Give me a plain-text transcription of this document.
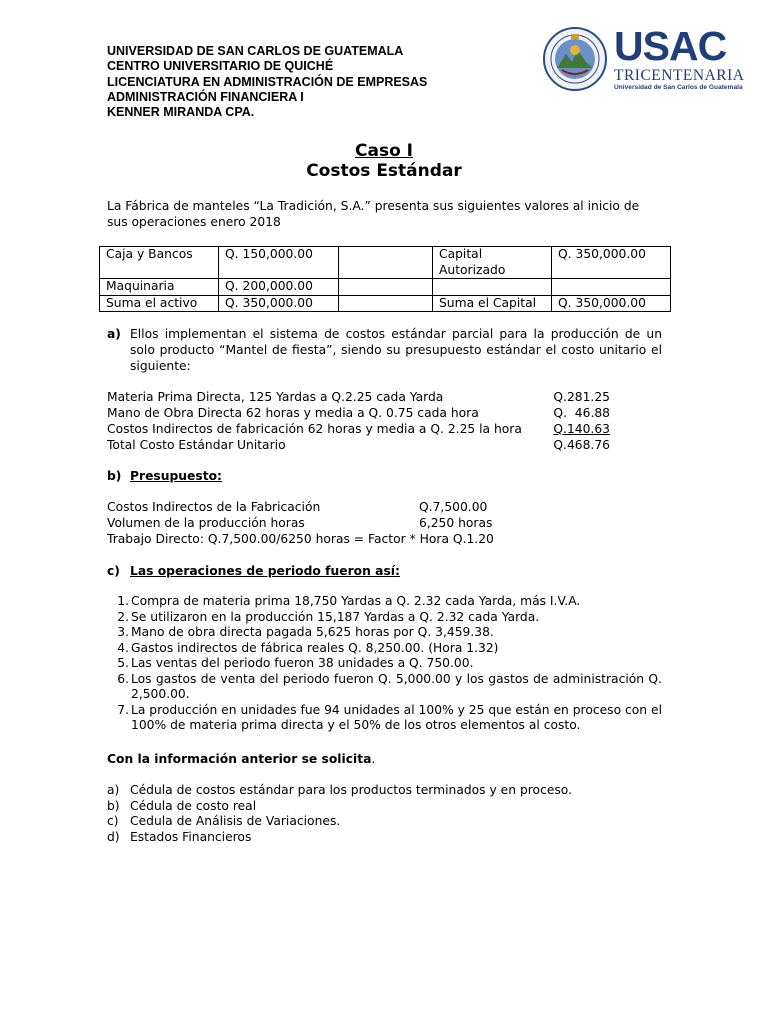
UNIVERSIDAD DE SAN CARLOS DE GUATEMALA
CENTRO UNIVERSITARIO DE QUICHÉ
LICENCIATURA EN ADMINISTRACIÓN DE EMPRESAS
ADMINISTRACIÓN FINANCIERA I
KENNER MIRANDA CPA.
USAC
TRICENTENARIA
Universidad de San Carlos de Guatemala
Caso I
Costos Estándar
La Fábrica de manteles “La Tradición, S.A.” presenta sus siguientes valores al inicio de sus operaciones enero 2018
Caja y Bancos	Q. 150,000.00		Capital Autorizado	Q. 350,000.00
Maquinaria	Q. 200,000.00			
Suma el activo	Q. 350,000.00		Suma el Capital	Q. 350,000.00
a) Ellos implementan el sistema de costos estándar parcial para la producción de un solo producto “Mantel de fiesta”, siendo su presupuesto estándar el costo unitario el siguiente:
Materia Prima Directa, 125 Yardas a Q.2.25 cada Yarda	Q.281.25
Mano de Obra Directa 62 horas y media a Q. 0.75 cada hora	Q.  46.88
Costos Indirectos de fabricación 62 horas y media a Q. 2.25 la hora	Q.140.63
Total Costo Estándar Unitario	Q.468.76
b) Presupuesto:
Costos Indirectos de la Fabricación	Q.7,500.00
Volumen de la producción horas	6,250 horas
Trabajo Directo: Q.7,500.00/6250 horas = Factor * Hora Q.1.20
c) Las operaciones de periodo fueron así:
1. Compra de materia prima 18,750 Yardas a Q. 2.32 cada Yarda, más I.V.A.
2. Se utilizaron en la producción 15,187 Yardas a Q. 2.32 cada Yarda.
3. Mano de obra directa pagada 5,625 horas por Q. 3,459.38.
4. Gastos indirectos de fábrica reales Q. 8,250.00. (Hora 1.32)
5. Las ventas del periodo fueron 38 unidades a Q. 750.00.
6. Los gastos de venta del periodo fueron Q. 5,000.00 y los gastos de administración Q. 2,500.00.
7. La producción en unidades fue 94 unidades al 100% y 25 que están en proceso con el 100% de materia prima directa y el 50% de los otros elementos al costo.
Con la información anterior se solicita.
a) Cédula de costos estándar para los productos terminados y en proceso.
b) Cédula de costo real
c) Cedula de Análisis de Variaciones.
d) Estados Financieros
